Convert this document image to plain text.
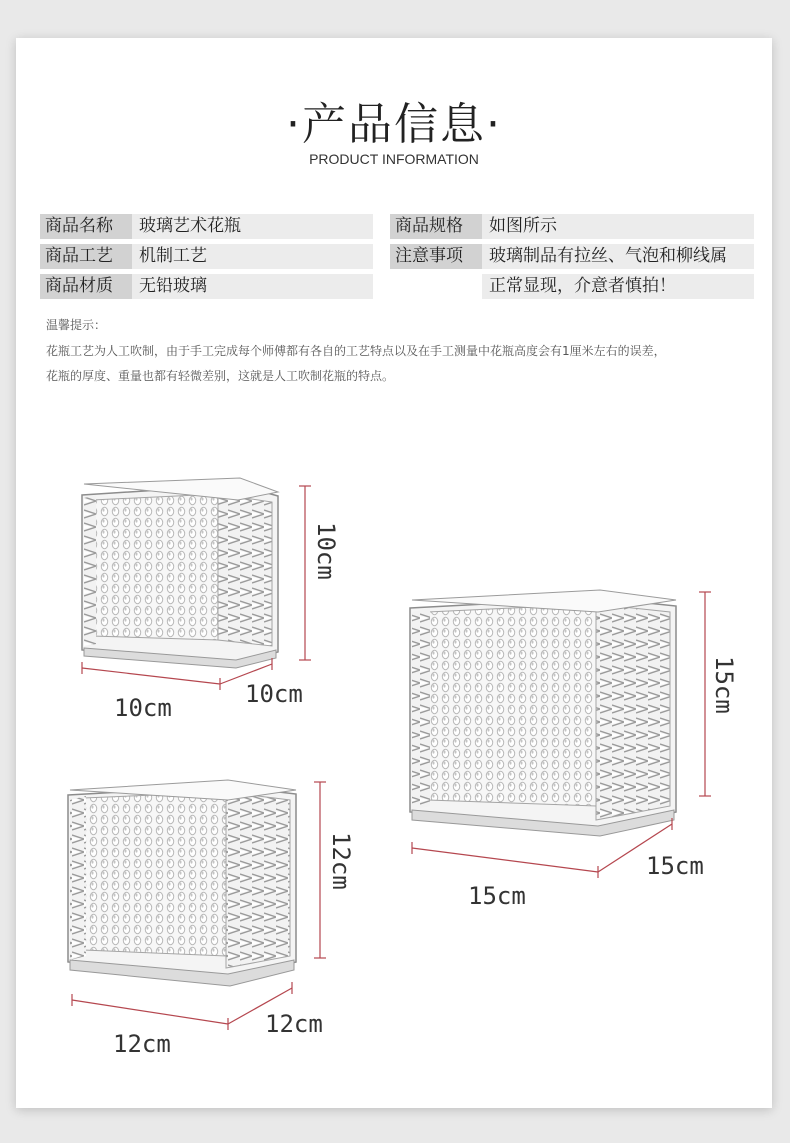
·产品信息·
PRODUCT INFORMATION
商品名称	玻璃艺术花瓶
商品工艺	机制工艺
商品材质	无铅玻璃
商品规格	如图所示
注意事项	玻璃制品有拉丝、气泡和柳线属
正常显现，介意者慎拍！
温馨提示：
花瓶工艺为人工吹制，由于手工完成每个师傅都有各自的工艺特点以及在手工测量中花瓶高度会有1厘米左右的误差，
花瓶的厚度、重量也都有轻微差别，这就是人工吹制花瓶的特点。
10cm
10cm	10cm	15cm
15cm
15cm
12cm
12cm
12cm
